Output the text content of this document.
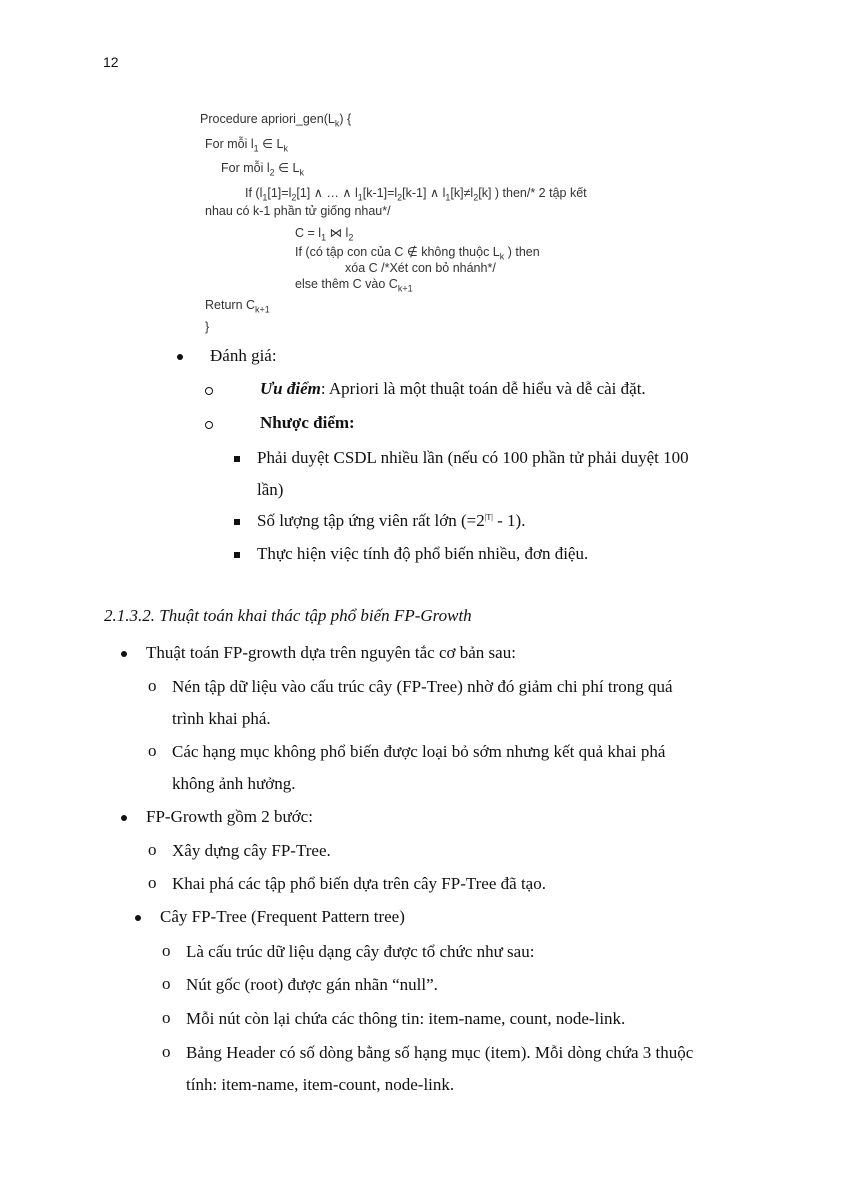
12
Procedure $apriori\_gen(L_k)$ {
For mỗi $l_1$ ∈ $L_k$
For mỗi $l_2$ ∈ $L_k$
If ($l_1[1]=l_2[1]$ ∧ … ∧ $l_1[k-1]=l_2[k-1]$ ∧ $l_1[k]\ne l_2[k]$ ) then/* 2 tập kết
nhau có k-1 phần tử giống nhau*/
$C = l_1$ ⋈ $l_2$
If (có tập con của C ∉ không thuộc $L_k$ ) then
xóa C /*Xét con bỏ nhánh*/
else thêm C vào $C_{k+1}$
Return $C_{k+1}$
}
Đánh giá:
Ưu điểm: Apriori là một thuật toán dễ hiểu và dễ cài đặt.
Nhược điểm:
Phải duyệt CSDL nhiều lần (nếu có 100 phần tử phải duyệt 100
lần)
Số lượng tập ứng viên rất lớn $(=2^{|T|} - 1)$.
Thực hiện việc tính độ phổ biến nhiều, đơn điệu.
2.1.3.2. Thuật toán khai thác tập phổ biến FP-Growth
Thuật toán FP-growth dựa trên nguyên tắc cơ bản sau:
o Nén tập dữ liệu vào cấu trúc cây (FP-Tree) nhờ đó giảm chi phí trong quá
trình khai phá.
o Các hạng mục không phổ biến được loại bỏ sớm nhưng kết quả khai phá
không ảnh hưởng.
FP-Growth gồm 2 bước:
o Xây dựng cây FP-Tree.
o Khai phá các tập phổ biến dựa trên cây FP-Tree đã tạo.
Cây FP-Tree (Frequent Pattern tree)
o Là cấu trúc dữ liệu dạng cây được tổ chức như sau:
o Nút gốc (root) được gán nhãn “null”.
o Mỗi nút còn lại chứa các thông tin: item-name, count, node-link.
o Bảng Header có số dòng bằng số hạng mục (item). Mỗi dòng chứa 3 thuộc
tính: item-name, item-count, node-link.
